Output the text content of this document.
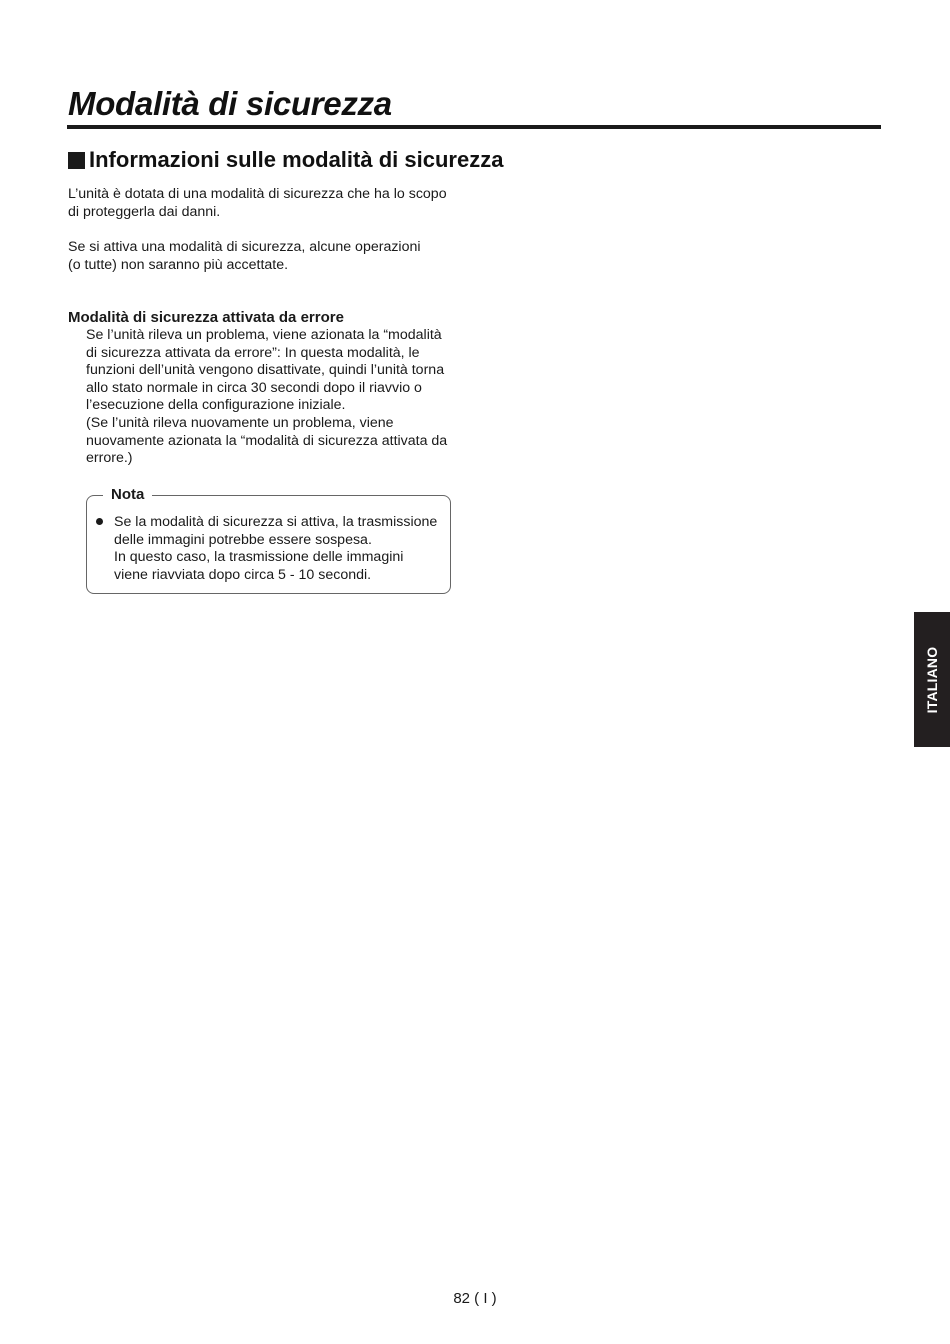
Modalità di sicurezza
Informazioni sulle modalità di sicurezza

L’unità è dotata di una modalità di sicurezza che ha lo scopo
di proteggerla dai danni.

Se si attiva una modalità di sicurezza, alcune operazioni
(o tutte) non saranno più accettate.

Modalità di sicurezza attivata da errore

Se l’unità rileva un problema, viene azionata la “modalità
di sicurezza attivata da errore”: In questa modalità, le
funzioni dell’unità vengono disattivate, quindi l’unità torna
allo stato normale in circa 30 secondi dopo il riavvio o
l’esecuzione della configurazione iniziale.
(Se l’unità rileva nuovamente un problema, viene
nuovamente azionata la “modalità di sicurezza attivata da
errore.)

Nota

Se la modalità di sicurezza si attiva, la trasmissione
delle immagini potrebbe essere sospesa.
In questo caso, la trasmissione delle immagini
viene riavviata dopo circa 5 - 10 secondi.

ITALIANO
82 ( I )
